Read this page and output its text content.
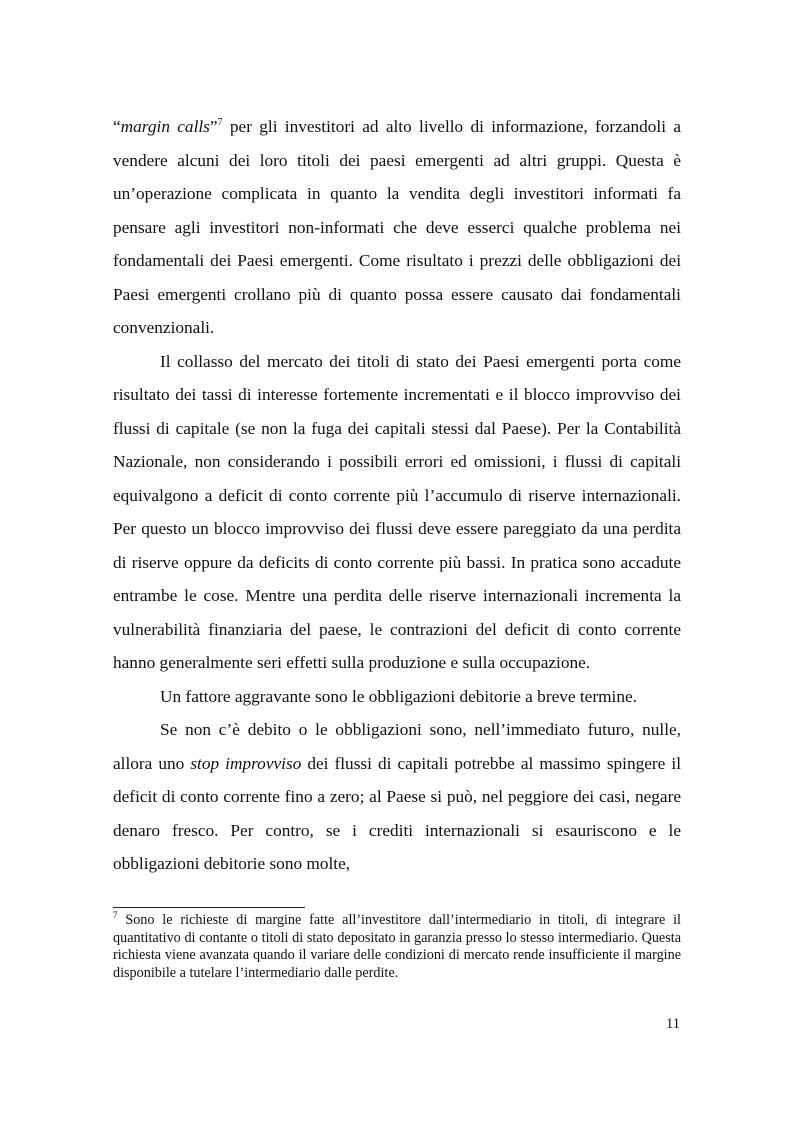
“margin calls”$^7$ per gli investitori ad alto livello di informazione, forzandoli a vendere alcuni dei loro titoli dei paesi emergenti ad altri gruppi. Questa è un’operazione complicata in quanto la vendita degli investitori informati fa pensare agli investitori non-informati che deve esserci qualche problema nei fondamentali dei Paesi emergenti. Come risultato i prezzi delle obbligazioni dei Paesi emergenti crollano più di quanto possa essere causato dai fondamentali convenzionali.

Il collasso del mercato dei titoli di stato dei Paesi emergenti porta come risultato dei tassi di interesse fortemente incrementati e il blocco improvviso dei flussi di capitale (se non la fuga dei capitali stessi dal Paese). Per la Contabilità Nazionale, non considerando i possibili errori ed omissioni, i flussi di capitali equivalgono a deficit di conto corrente più l’accumulo di riserve internazionali. Per questo un blocco improvviso dei flussi deve essere pareggiato da una perdita di riserve oppure da deficits di conto corrente più bassi. In pratica sono accadute entrambe le cose. Mentre una perdita delle riserve internazionali incrementa la vulnerabilità finanziaria del paese, le contrazioni del deficit di conto corrente hanno generalmente seri effetti sulla produzione e sulla occupazione.

Un fattore aggravante sono le obbligazioni debitorie a breve termine.

Se non c’è debito o le obbligazioni sono, nell’immediato futuro, nulle, allora uno stop improvviso dei flussi di capitali potrebbe al massimo spingere il deficit di conto corrente fino a zero; al Paese si può, nel peggiore dei casi, negare denaro fresco. Per contro, se i crediti internazionali si esauriscono e le obbligazioni debitorie sono molte,

$^7$ Sono le richieste di margine fatte all’investitore dall’intermediario in titoli, di integrare il quantitativo di contante o titoli di stato depositato in garanzia presso lo stesso intermediario. Questa richiesta viene avanzata quando il variare delle condizioni di mercato rende insufficiente il margine disponibile a tutelare l’intermediario dalle perdite.
11
